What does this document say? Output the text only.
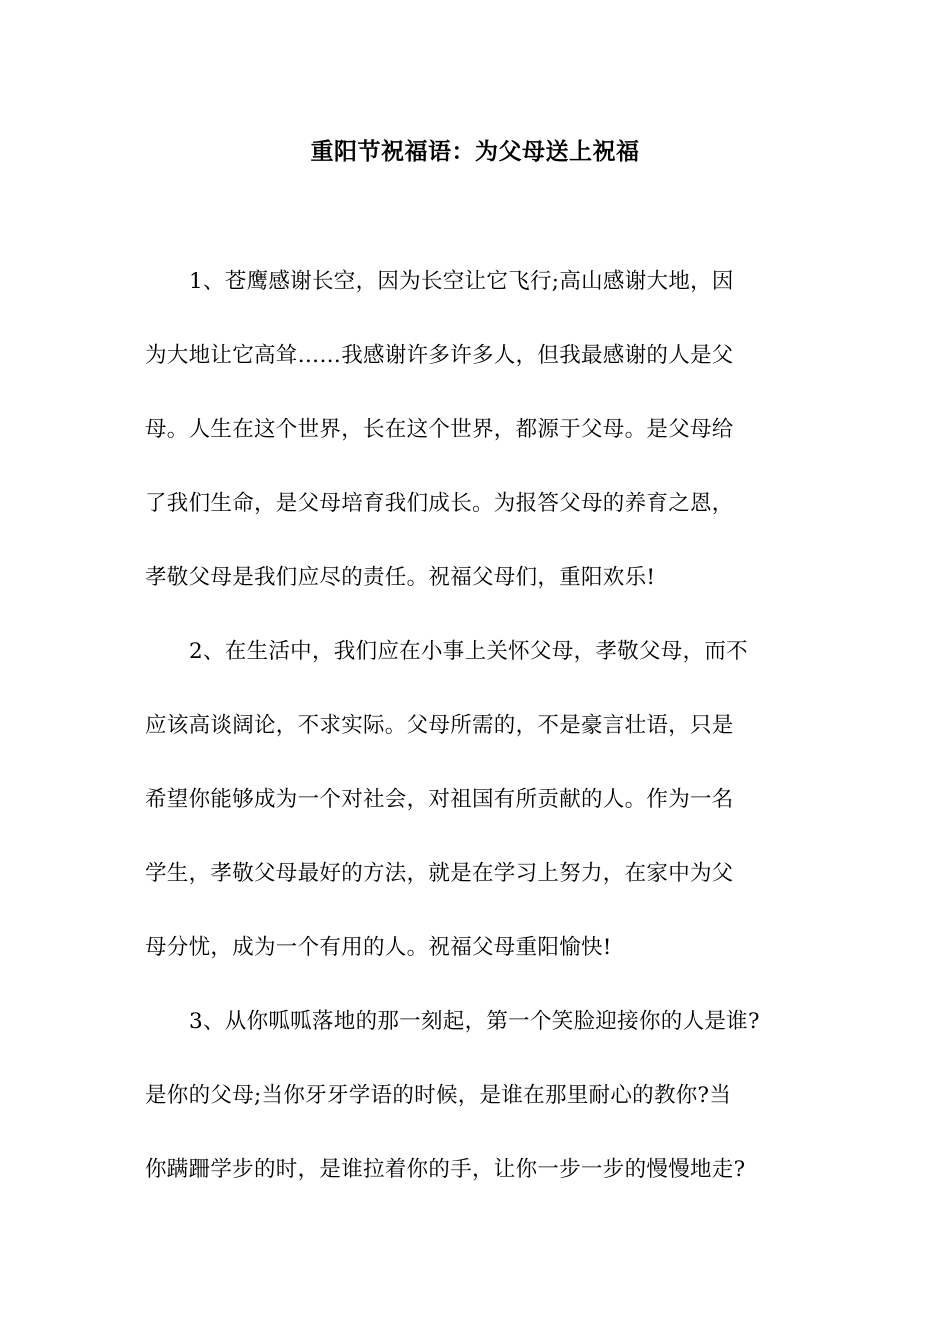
重阳节祝福语：为父母送上祝福
1、苍鹰感谢长空，因为长空让它飞行;高山感谢大地，因
为大地让它高耸……我感谢许多许多人，但我最感谢的人是父
母。人生在这个世界，长在这个世界，都源于父母。是父母给
了我们生命，是父母培育我们成长。为报答父母的养育之恩，
孝敬父母是我们应尽的责任。祝福父母们，重阳欢乐!
2、在生活中，我们应在小事上关怀父母，孝敬父母，而不
应该高谈阔论，不求实际。父母所需的，不是豪言壮语，只是
希望你能够成为一个对社会，对祖国有所贡献的人。作为一名
学生，孝敬父母最好的方法，就是在学习上努力，在家中为父
母分忧，成为一个有用的人。祝福父母重阳愉快!
3、从你呱呱落地的那一刻起，第一个笑脸迎接你的人是谁?
是你的父母;当你牙牙学语的时候，是谁在那里耐心的教你?当
你蹒跚学步的时，是谁拉着你的手，让你一步一步的慢慢地走?
